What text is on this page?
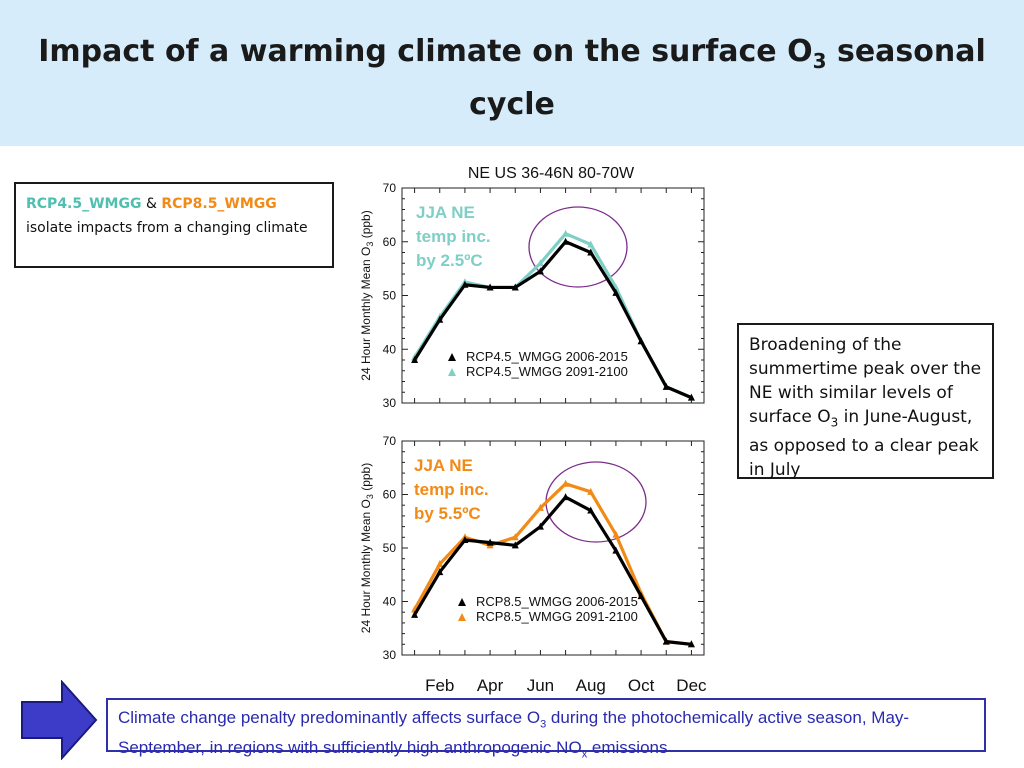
Impact of a warming climate on the surface $O_3$ seasonal cycle
RCP4.5_WMGG & RCP8.5_WMGG
isolate impacts from a changing climate
NE US 36-46N 80-70W
30
40
50
60
70
24 Hour Monthly Mean $O_3$ (ppb)
RCP4.5_WMGG 2006-2015
RCP4.5_WMGG 2091-2100
JJA NE
temp inc.
by 2.5ºC
30
40
50
60
70
24 Hour Monthly Mean $O_3$ (ppb)
RCP8.5_WMGG 2006-2015
RCP8.5_WMGG 2091-2100
JJA NE
temp inc.
by 5.5ºC
Feb Apr Jun Aug Oct Dec
Broadening of the summertime peak over the NE with similar levels of surface $O_3$ in June-August, as opposed to a clear peak in July
Climate change penalty predominantly affects surface $O_3$ during the photochemically active season, May-September, in regions with sufficiently high anthropogenic $NO_x$ emissions
